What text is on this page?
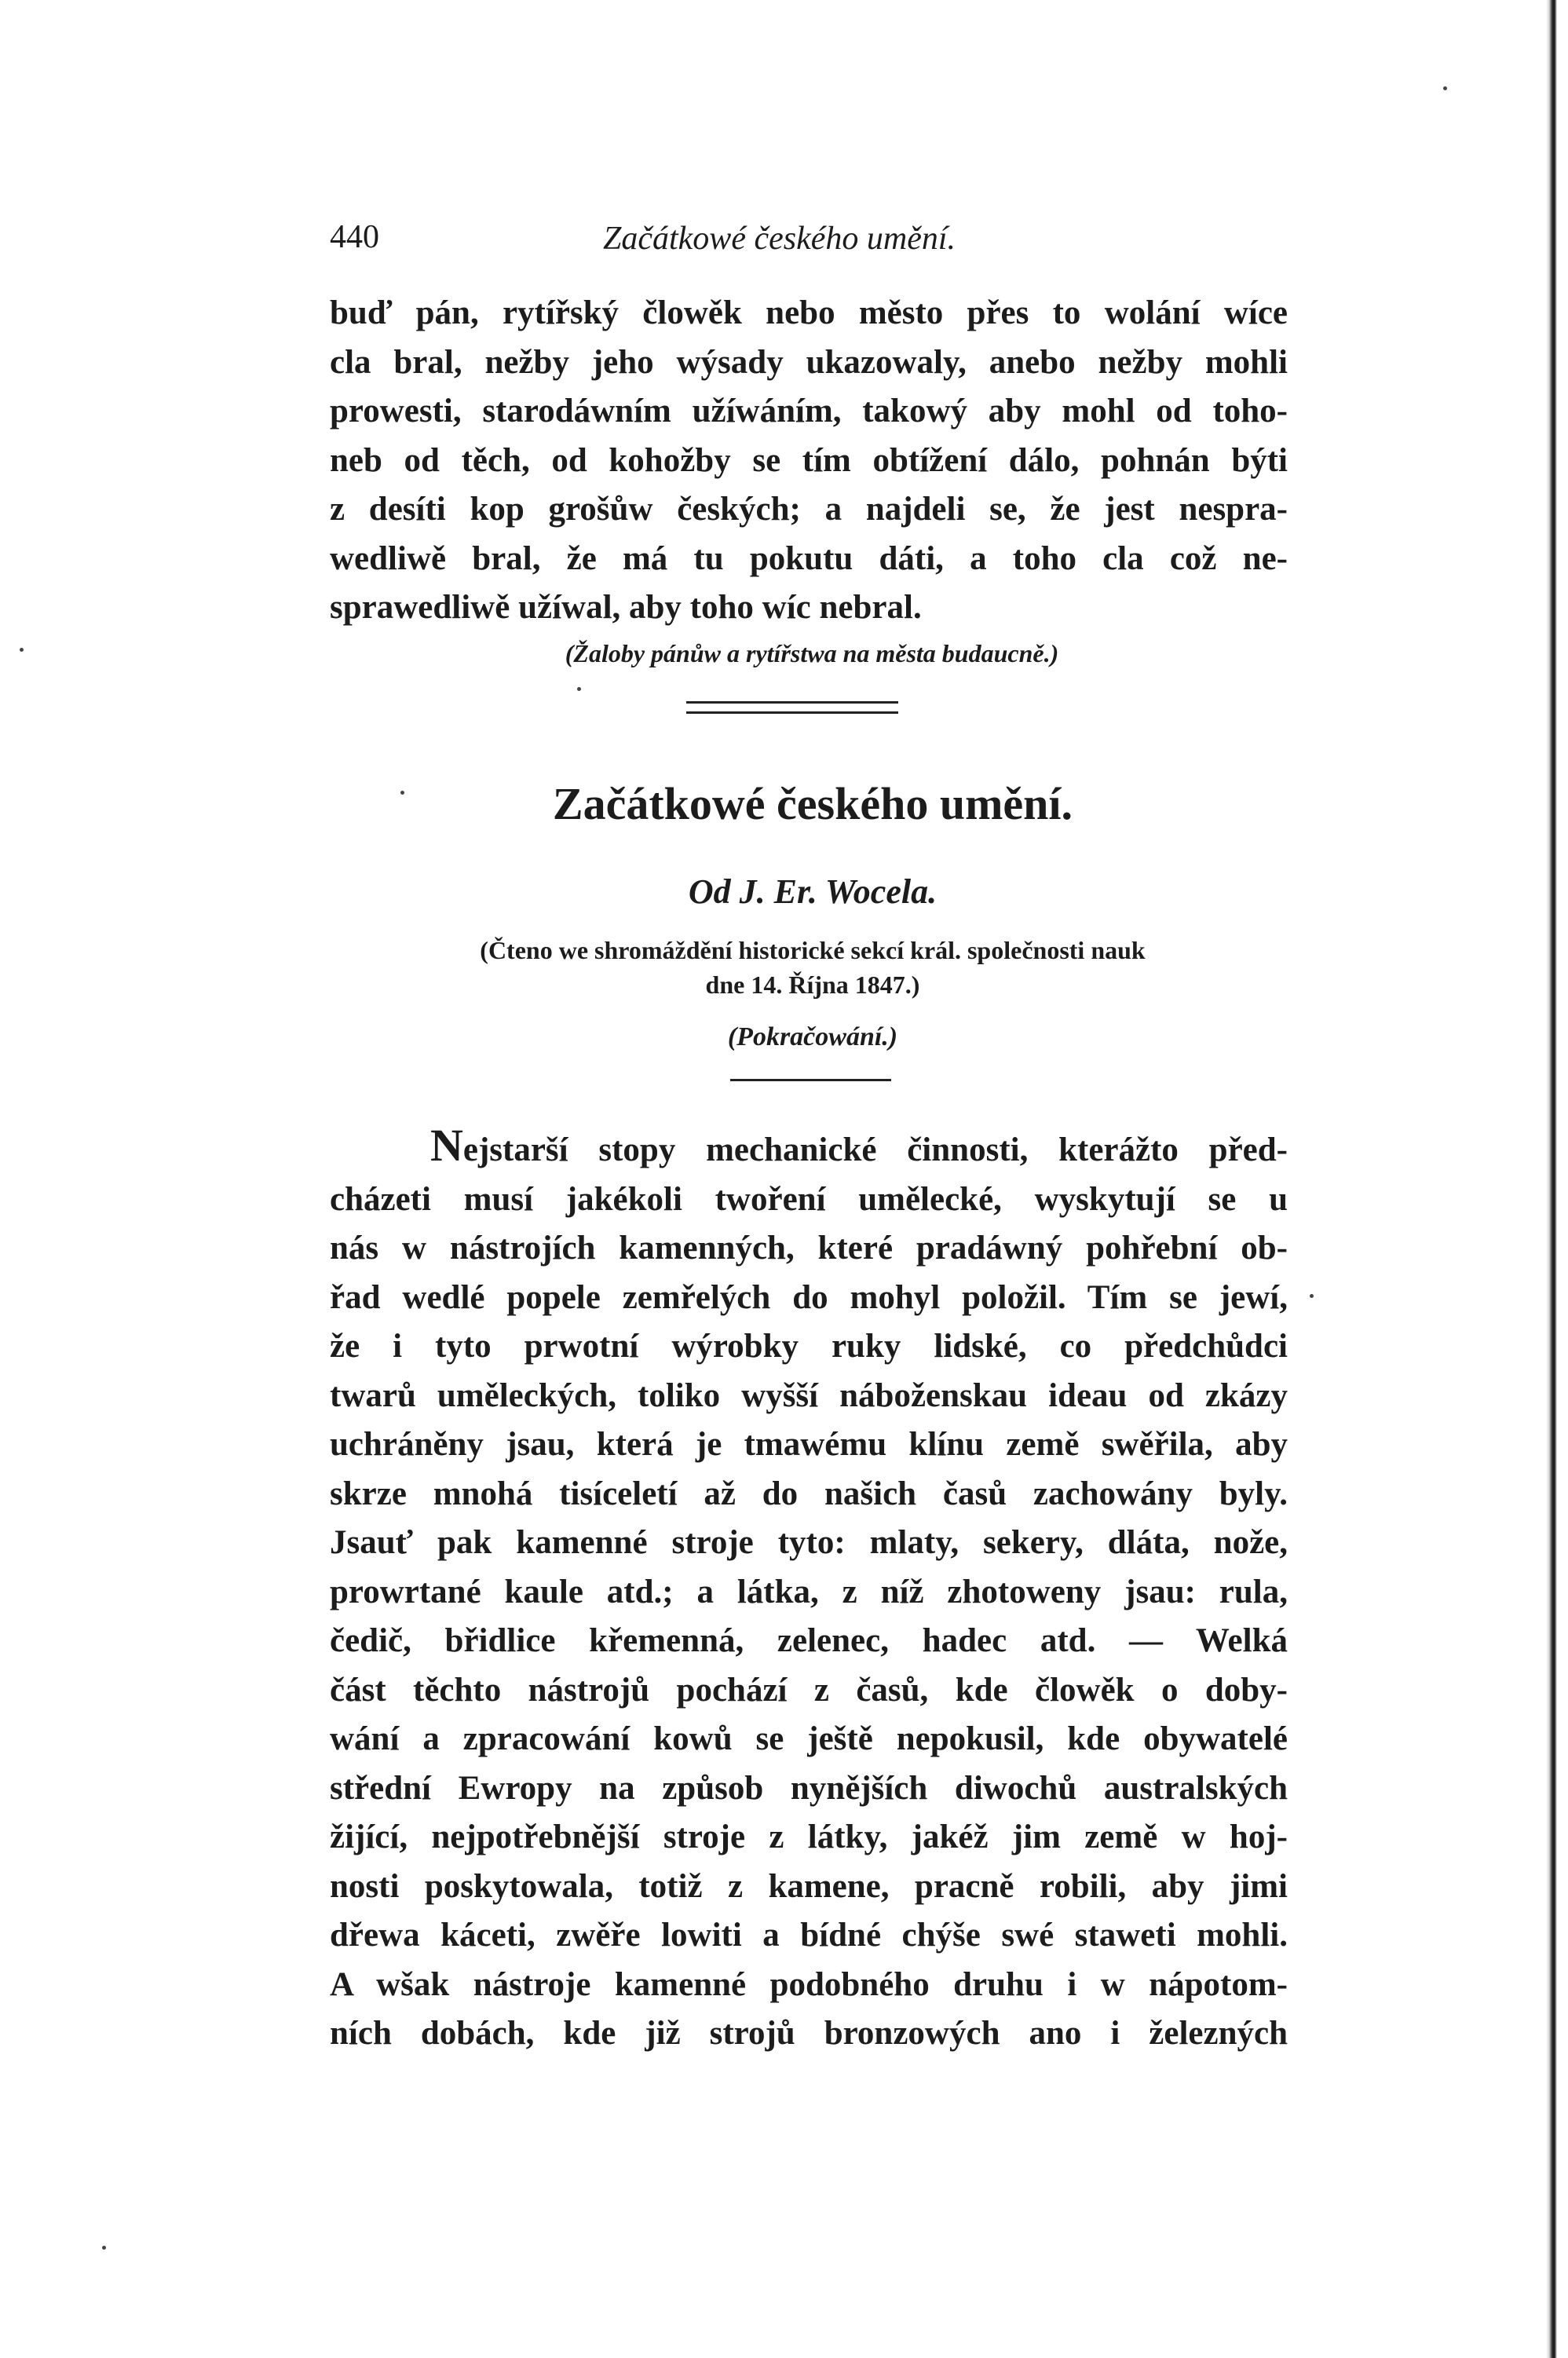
440	Začátkowé českého umění.
buď pán, rytířský člowěk nebo město přes to wolání wíce
cla bral, nežby jeho wýsady ukazowaly, anebo nežby mohli
prowesti, starodáwním užíwáním, takowý aby mohl od toho-
neb od těch, od kohožby se tím obtížení dálo, pohnán býti
z desíti kop grošůw českých; a najdeli se, že jest nespra-
wedliwě bral, že má tu pokutu dáti, a toho cla což ne-
sprawedliwě užíwal, aby toho wíc nebral.
(Žaloby pánůw a rytířstwa na města budaucně.)
Začátkowé českého umění.
Od J. Er. Wocela.
(Čteno we shromáždění historické sekcí král. společnosti nauk
dne 14. Října 1847.)
(Pokračowání.)
Nejstarší stopy mechanické činnosti, kterážto před-
cházeti musí jakékoli twoření umělecké, wyskytují se u
nás w nástrojích kamenných, které pradáwný pohřební ob-
řad wedlé popele zemřelých do mohyl položil. Tím se jewí,
že i tyto prwotní wýrobky ruky lidské, co předchůdci
twarů uměleckých, toliko wyšší náboženskau ideau od zkázy
uchráněny jsau, která je tmawému klínu země swěřila, aby
skrze mnohá tisíceletí až do našich časů zachowány byly.
Jsauť pak kamenné stroje tyto: mlaty, sekery, dláta, nože,
prowrtané kaule atd.; a látka, z níž zhotoweny jsau: rula,
čedič, břidlice křemenná, zelenec, hadec atd. — Welká
část těchto nástrojů pochází z časů, kde člowěk o doby-
wání a zpracowání kowů se ještě nepokusil, kde obywatelé
střední Ewropy na způsob nynějších diwochů australských
žijící, nejpotřebnější stroje z látky, jakéž jim země w hoj-
nosti poskytowala, totiž z kamene, pracně robili, aby jimi
dřewa káceti, zwěře lowiti a bídné chýše swé staweti mohli.
A wšak nástroje kamenné podobného druhu i w nápotom-
ních dobách, kde již strojů bronzowých ano i železných
